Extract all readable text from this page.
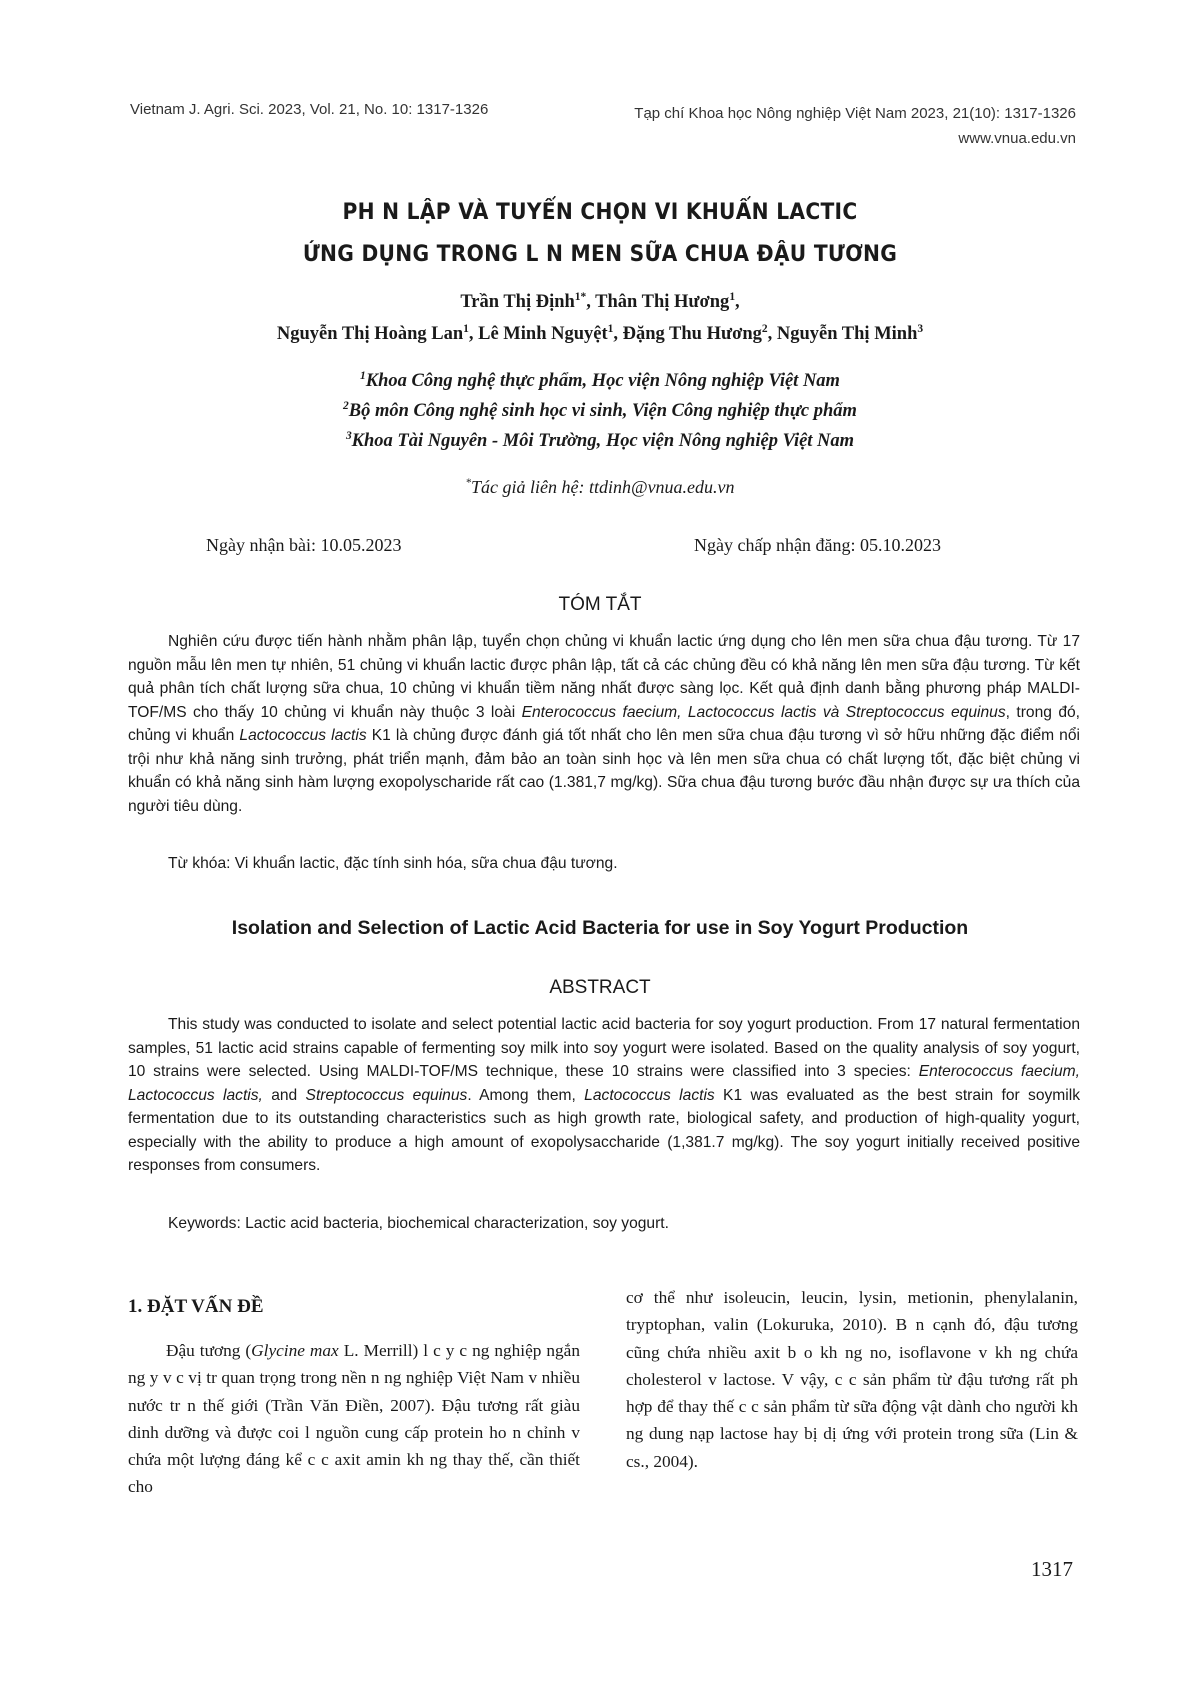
Vietnam J. Agri. Sci. 2023, Vol. 21, No. 10: 1317-1326	Tạp chí Khoa học Nông nghiệp Việt Nam 2023, 21(10): 1317-1326
www.vnua.edu.vn
PH N LẬP VÀ TUYỂN CHỌN VI KHUẨN LACTIC
ỨNG DỤNG TRONG L N MEN SỮA CHUA ĐẬU TƯƠNG
Trần Thị Định$^{1*}$, Thân Thị Hương$^1$,
Nguyễn Thị Hoàng Lan$^1$, Lê Minh Nguyệt$^1$, Đặng Thu Hương$^2$, Nguyễn Thị Minh$^3$
$^1$Khoa Công nghệ thực phẩm, Học viện Nông nghiệp Việt Nam
$^2$Bộ môn Công nghệ sinh học vi sinh, Viện Công nghiệp thực phẩm
$^3$Khoa Tài Nguyên - Môi Trường, Học viện Nông nghiệp Việt Nam
*Tác giả liên hệ: ttdinh@vnua.edu.vn
Ngày nhận bài: 10.05.2023	Ngày chấp nhận đăng: 05.10.2023
TÓM TẮT

Nghiên cứu được tiến hành nhằm phân lập, tuyển chọn chủng vi khuẩn lactic ứng dụng cho lên men sữa chua đậu tương. Từ 17 nguồn mẫu lên men tự nhiên, 51 chủng vi khuẩn lactic được phân lập, tất cả các chủng đều có khả năng lên men sữa đậu tương. Từ kết quả phân tích chất lượng sữa chua, 10 chủng vi khuẩn tiềm năng nhất được sàng lọc. Kết quả định danh bằng phương pháp MALDI-TOF/MS cho thấy 10 chủng vi khuẩn này thuộc 3 loài Enterococcus faecium, Lactococcus lactis và Streptococcus equinus, trong đó, chủng vi khuẩn Lactococcus lactis K1 là chủng được đánh giá tốt nhất cho lên men sữa chua đậu tương vì sở hữu những đặc điểm nổi trội như khả năng sinh trưởng, phát triển mạnh, đảm bảo an toàn sinh học và lên men sữa chua có chất lượng tốt, đặc biệt chủng vi khuẩn có khả năng sinh hàm lượng exopolyscharide rất cao (1.381,7 mg/kg). Sữa chua đậu tương bước đầu nhận được sự ưa thích của người tiêu dùng.

Từ khóa: Vi khuẩn lactic, đặc tính sinh hóa, sữa chua đậu tương.
Isolation and Selection of Lactic Acid Bacteria for use in Soy Yogurt Production
ABSTRACT

This study was conducted to isolate and select potential lactic acid bacteria for soy yogurt production. From 17 natural fermentation samples, 51 lactic acid strains capable of fermenting soy milk into soy yogurt were isolated. Based on the quality analysis of soy yogurt, 10 strains were selected. Using MALDI-TOF/MS technique, these 10 strains were classified into 3 species: Enterococcus faecium, Lactococcus lactis, and Streptococcus equinus. Among them, Lactococcus lactis K1 was evaluated as the best strain for soymilk fermentation due to its outstanding characteristics such as high growth rate, biological safety, and production of high-quality yogurt, especially with the ability to produce a high amount of exopolysaccharide (1,381.7 mg/kg). The soy yogurt initially received positive responses from consumers.

Keywords: Lactic acid bacteria, biochemical characterization, soy yogurt.
1. ĐẶT VẤN ĐỀ

Đậu tương (Glycine max L. Merrill) l c y c ng nghiệp ngắn ng y v c vị tr quan trọng trong nền n ng nghiệp Việt Nam v nhiều nước tr n thế giới (Trần Văn Điền, 2007). Đậu tương rất giàu dinh dưỡng và được coi l nguồn cung cấp protein ho n chỉnh v chứa một lượng đáng kể c c axit amin kh ng thay thế, cần thiết cho

cơ thể như isoleucin, leucin, lysin, metionin, phenylalanin, tryptophan, valin (Lokuruka, 2010). B n cạnh đó, đậu tương cũng chứa nhiều axit b o kh ng no, isoflavone v kh ng chứa cholesterol v lactose. V vậy, c c sản phẩm từ đậu tương rất ph hợp để thay thế c c sản phẩm từ sữa động vật dành cho người kh ng dung nạp lactose hay bị dị ứng với protein trong sữa (Lin & cs., 2004).

1317
